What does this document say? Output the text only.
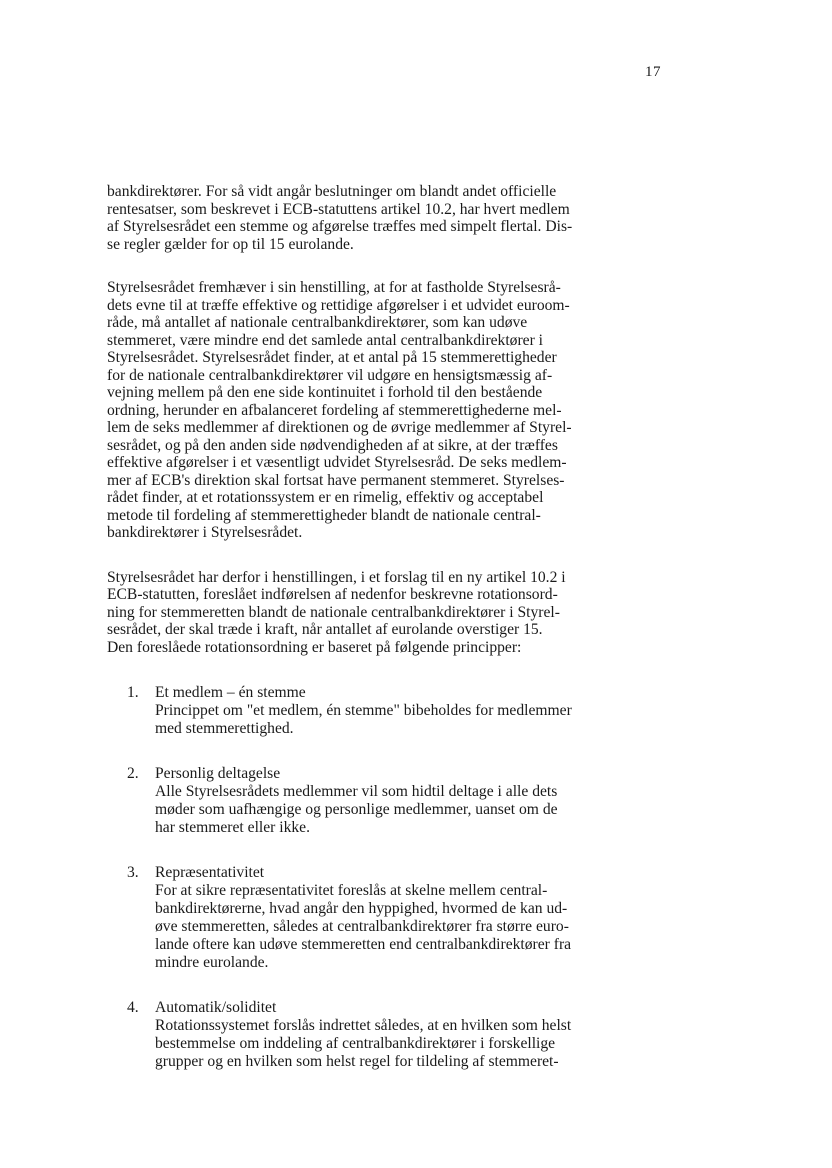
17

bankdirektører. For så vidt angår beslutninger om blandt andet officielle
rentesatser, som beskrevet i ECB-statuttens artikel 10.2, har hvert medlem
af Styrelsesrådet een stemme og afgørelse træffes med simpelt flertal. Dis-
se regler gælder for op til 15 eurolande.

Styrelsesrådet fremhæver i sin henstilling, at for at fastholde Styrelsesrå-
dets evne til at træffe effektive og rettidige afgørelser i et udvidet euroom-
råde, må antallet af nationale centralbankdirektører, som kan udøve
stemmeret, være mindre end det samlede antal centralbankdirektører i
Styrelsesrådet. Styrelsesrådet finder, at et antal på 15 stemmerettigheder
for de nationale centralbankdirektører vil udgøre en hensigtsmæssig af-
vejning mellem på den ene side kontinuitet i forhold til den bestående
ordning, herunder en afbalanceret fordeling af stemmerettighederne mel-
lem de seks medlemmer af direktionen og de øvrige medlemmer af Styrel-
sesrådet, og på den anden side nødvendigheden af at sikre, at der træffes
effektive afgørelser i et væsentligt udvidet Styrelsesråd. De seks medlem-
mer af ECB's direktion skal fortsat have permanent stemmeret. Styrelses-
rådet finder, at et rotationssystem er en rimelig, effektiv og acceptabel
metode til fordeling af stemmerettigheder blandt de nationale central-
bankdirektører i Styrelsesrådet.

Styrelsesrådet har derfor i henstillingen, i et forslag til en ny artikel 10.2 i
ECB-statutten, foreslået indførelsen af nedenfor beskrevne rotationsord-
ning for stemmeretten blandt de nationale centralbankdirektører i Styrel-
sesrådet, der skal træde i kraft, når antallet af eurolande overstiger 15.
Den foreslåede rotationsordning er baseret på følgende principper:

1. Et medlem – én stemme
Princippet om "et medlem, én stemme" bibeholdes for medlemmer
med stemmerettighed.
2. Personlig deltagelse
Alle Styrelsesrådets medlemmer vil som hidtil deltage i alle dets
møder som uafhængige og personlige medlemmer, uanset om de
har stemmeret eller ikke.
3. Repræsentativitet
For at sikre repræsentativitet foreslås at skelne mellem central-
bankdirektørerne, hvad angår den hyppighed, hvormed de kan ud-
øve stemmeretten, således at centralbankdirektører fra større euro-
lande oftere kan udøve stemmeretten end centralbankdirektører fra
mindre eurolande.
4. Automatik/soliditet
Rotationssystemet forslås indrettet således, at en hvilken som helst
bestemmelse om inddeling af centralbankdirektører i forskellige
grupper og en hvilken som helst regel for tildeling af stemmeret-
